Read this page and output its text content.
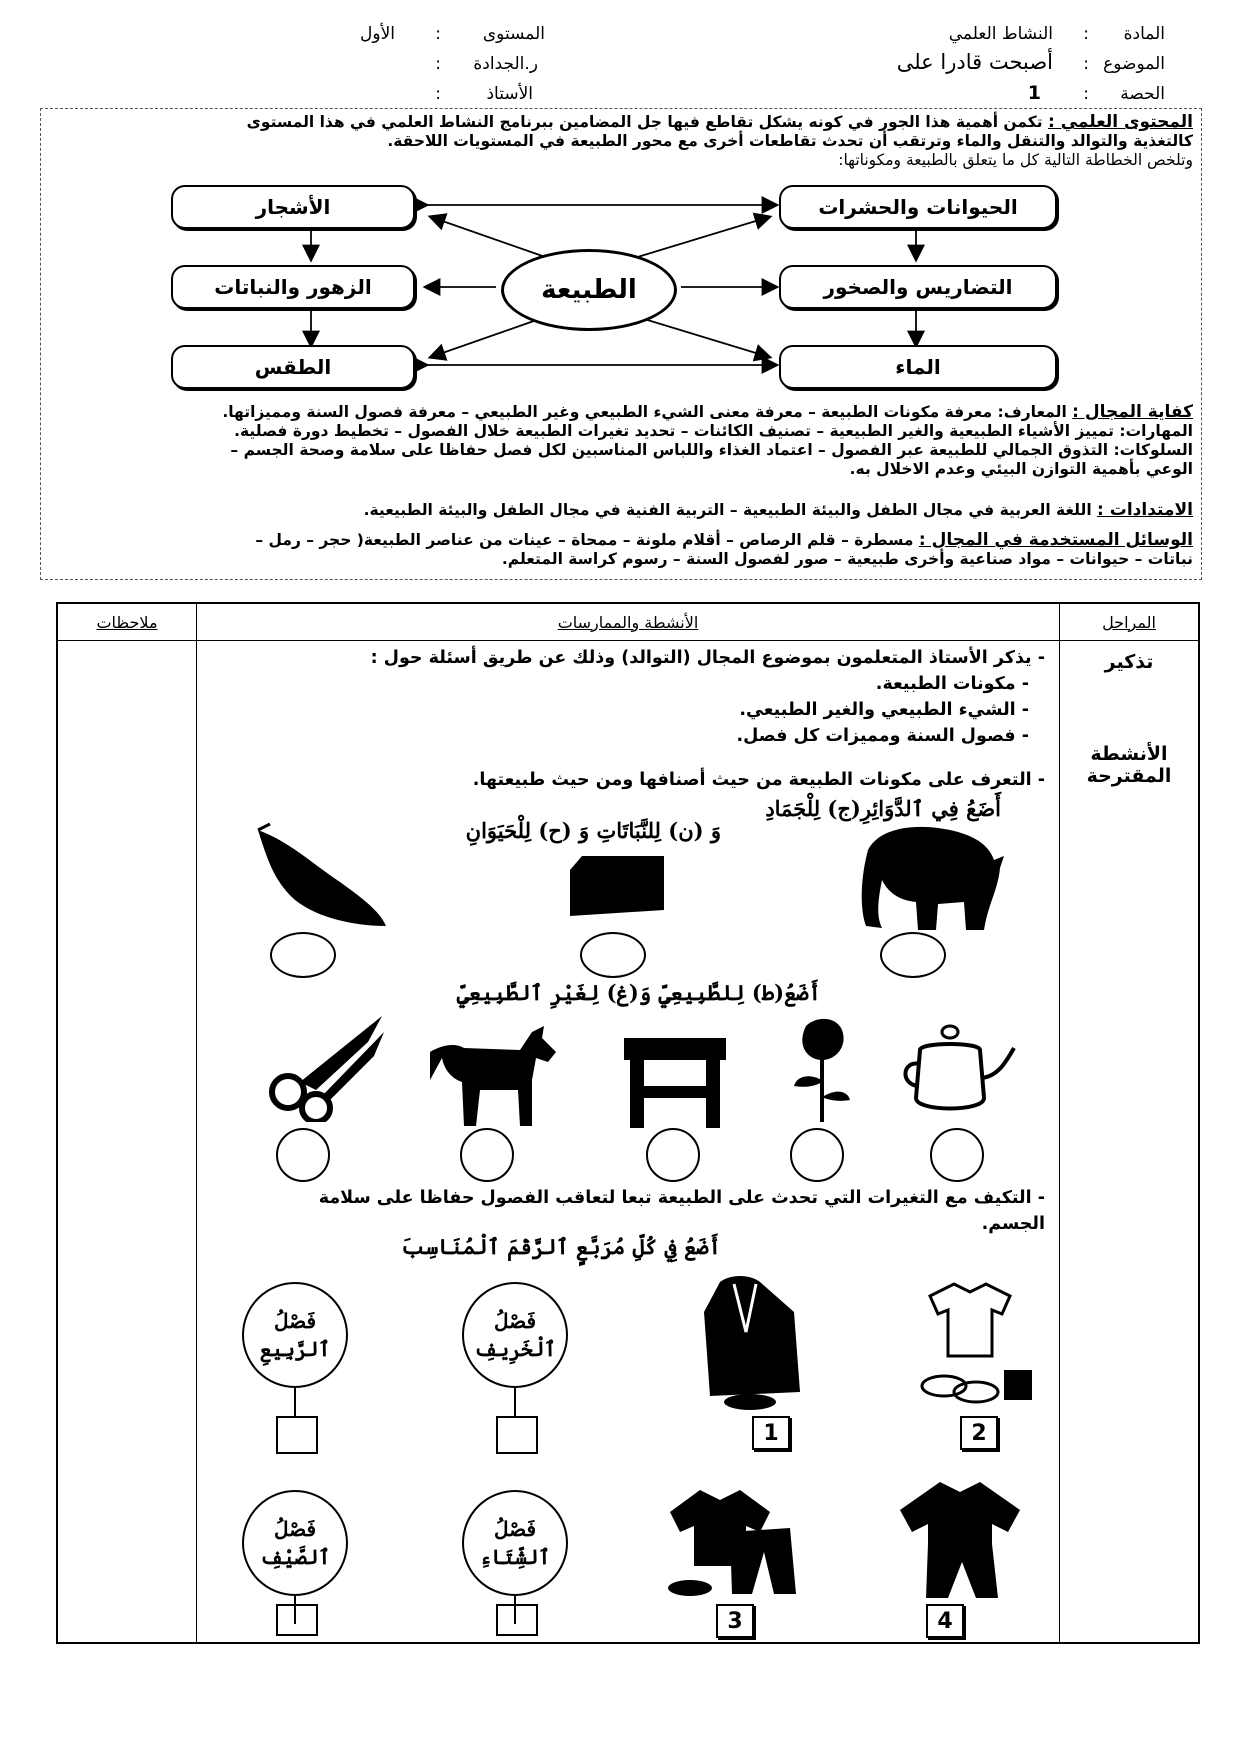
المادة
:
النشاط العلمي
الموضوع
:
أصبحت قادرا على
الحصة
:
1
المستوى
:
الأول
ر.الجدادة
:
الأستاذ
:
المحتوى العلمي : تكمن أهمية هذا الجور في كونه يشكل تقاطع فيها جل المضامين ببرنامج النشاط العلمي في هذا المستوى
كالتغذية والتوالد والتنقل والماء وترتقب أن تحدث تقاطعات أخرى مع محور الطبيعة في المستويات اللاحقة.
وتلخص الخطاطة التالية كل ما يتعلق بالطبيعة ومكوناتها:
الأشجار
الزهور والنباتات
الطقس
الحيوانات والحشرات
التضاريس والصخور
الماء
الطبيعة
كفاية المجال : المعارف: معرفة مكونات الطبيعة – معرفة معنى الشيء الطبيعي وغير الطبيعي – معرفة فصول السنة ومميزاتها.
المهارات: تمييز الأشياء الطبيعية والغير الطبيعية – تصنيف الكائنات – تحديد تغيرات الطبيعة خلال الفصول – تخطيط دورة فصلية.
السلوكات: التذوق الجمالي للطبيعة عبر الفصول – اعتماد الغذاء واللباس المناسبين لكل فصل حفاظا على سلامة وصحة الجسم –
الوعي بأهمية التوازن البيئي وعدم الاخلال به.
الامتدادات : اللغة العربية في مجال الطفل والبيئة الطبيعية – التربية الفنية في مجال الطفل والبيئة الطبيعية.
الوسائل المستخدمة في المجال : مسطرة – قلم الرصاص – أقلام ملونة – ممحاة – عينات من عناصر الطبيعة( حجر – رمل –
نباتات – حيوانات – مواد صناعية وأخرى طبيعية – صور لفصول السنة – رسوم كراسة المتعلم.
المراحل	الأنشطة والممارسات	ملاحظات

تذكير
الأنشطة
المقترحة		

- يذكر الأستاذ المتعلمون بموضوع المجال (التوالد) وذلك عن طريق أسئلة حول :
- مكونات الطبيعة.
- الشيء الطبيعي والغير الطبيعي.
- فصول السنة ومميزات كل فصل.
- التعرف على مكونات الطبيعة من حيث أصنافها ومن حيث طبيعتها.
أَضَعُ فِي ٱلدَّوَائِرِ(ج) لِلْجَمَادِ
وَ (ن) لِلنَّبَاتَاتِ وَ (ح) لِلْحَيَوَانِ
أَضَعُ(ط) لِلطَّبِيعِيِّ وَ(غ) لِغَيْرِ ٱلطَّبِيعِيِّ
- التكيف مع التغيرات التي تحدث على الطبيعة تبعا لتعاقب الفصول حفاظا على سلامة
الجسم.
أَضَعُ فِي كُلِّ مُرَبَّعٍ ٱلرَّقْمَ ٱلْمُنَاسِبَ
فَصْلُ
ٱلرَّبِيعِ
فَصْلُ
ٱلْخَرِيفِ
1	2
فَصْلُ
ٱلصَّيْفِ
فَصْلُ
ٱلشِّتَاءِ
3	4
